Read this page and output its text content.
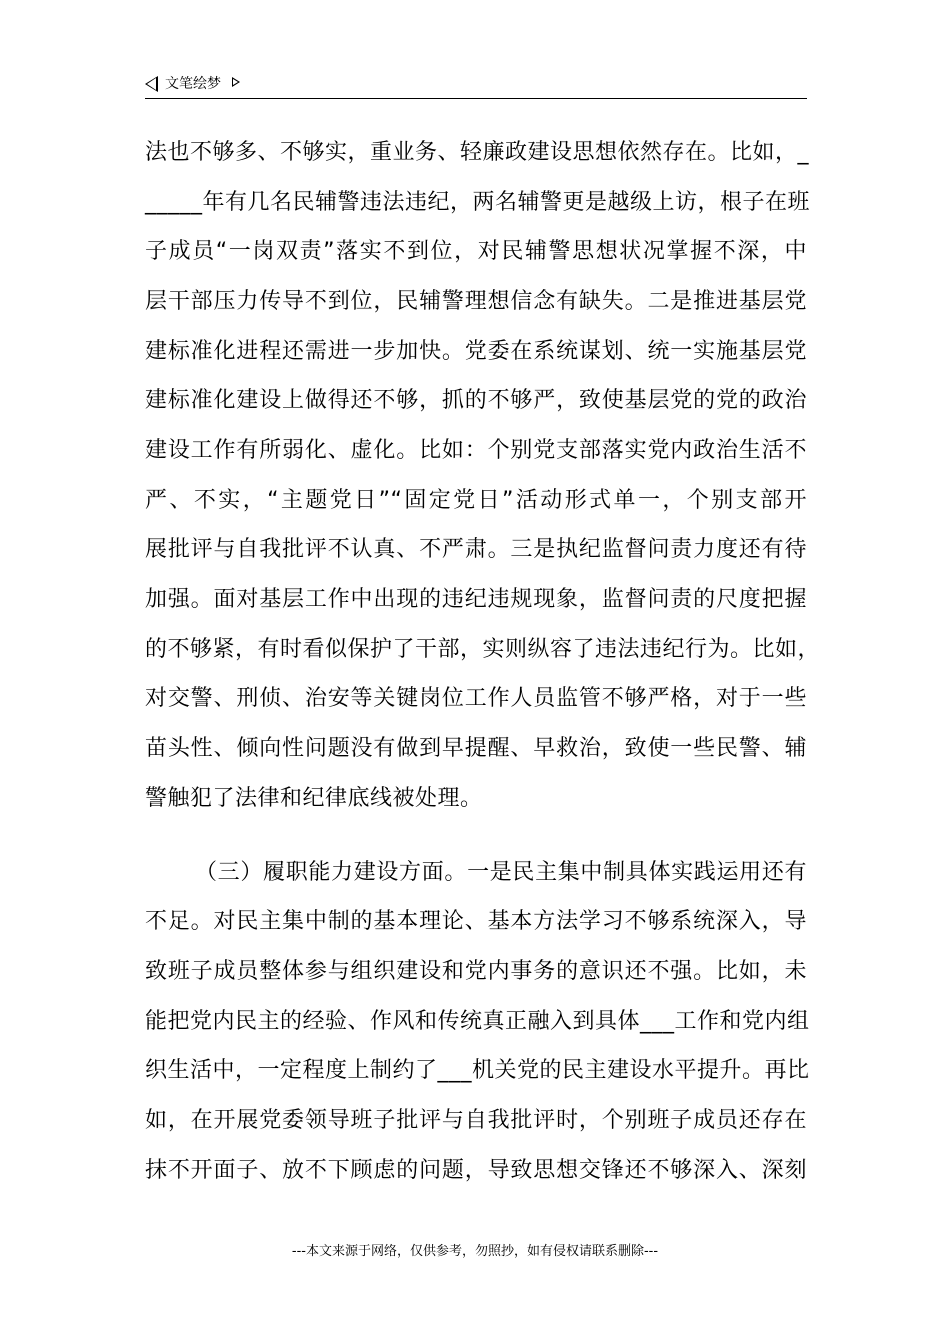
文笔绘梦
法也不够多、不够实，重业务、轻廉政建设思想依然存在。比如，_
_____年有几名民辅警违法违纪，两名辅警更是越级上访，根子在班
子成员“一岗双责”落实不到位，对民辅警思想状况掌握不深，中
层干部压力传导不到位，民辅警理想信念有缺失。二是推进基层党
建标准化进程还需进一步加快。党委在系统谋划、统一实施基层党
建标准化建设上做得还不够，抓的不够严，致使基层党的党的政治
建设工作有所弱化、虚化。比如：个别党支部落实党内政治生活不
严、不实，“主题党日”“固定党日”活动形式单一，个别支部开
展批评与自我批评不认真、不严肃。三是执纪监督问责力度还有待
加强。面对基层工作中出现的违纪违规现象，监督问责的尺度把握
的不够紧，有时看似保护了干部，实则纵容了违法违纪行为。比如，
对交警、刑侦、治安等关键岗位工作人员监管不够严格，对于一些
苗头性、倾向性问题没有做到早提醒、早救治，致使一些民警、辅
警触犯了法律和纪律底线被处理。
（三）履职能力建设方面。一是民主集中制具体实践运用还有
不足。对民主集中制的基本理论、基本方法学习不够系统深入，导
致班子成员整体参与组织建设和党内事务的意识还不强。比如，未
能把党内民主的经验、作风和传统真正融入到具体___工作和党内组
织生活中，一定程度上制约了___机关党的民主建设水平提升。再比
如，在开展党委领导班子批评与自我批评时，个别班子成员还存在
抹不开面子、放不下顾虑的问题，导致思想交锋还不够深入、深刻
---本文来源于网络，仅供参考，勿照抄，如有侵权请联系删除---
